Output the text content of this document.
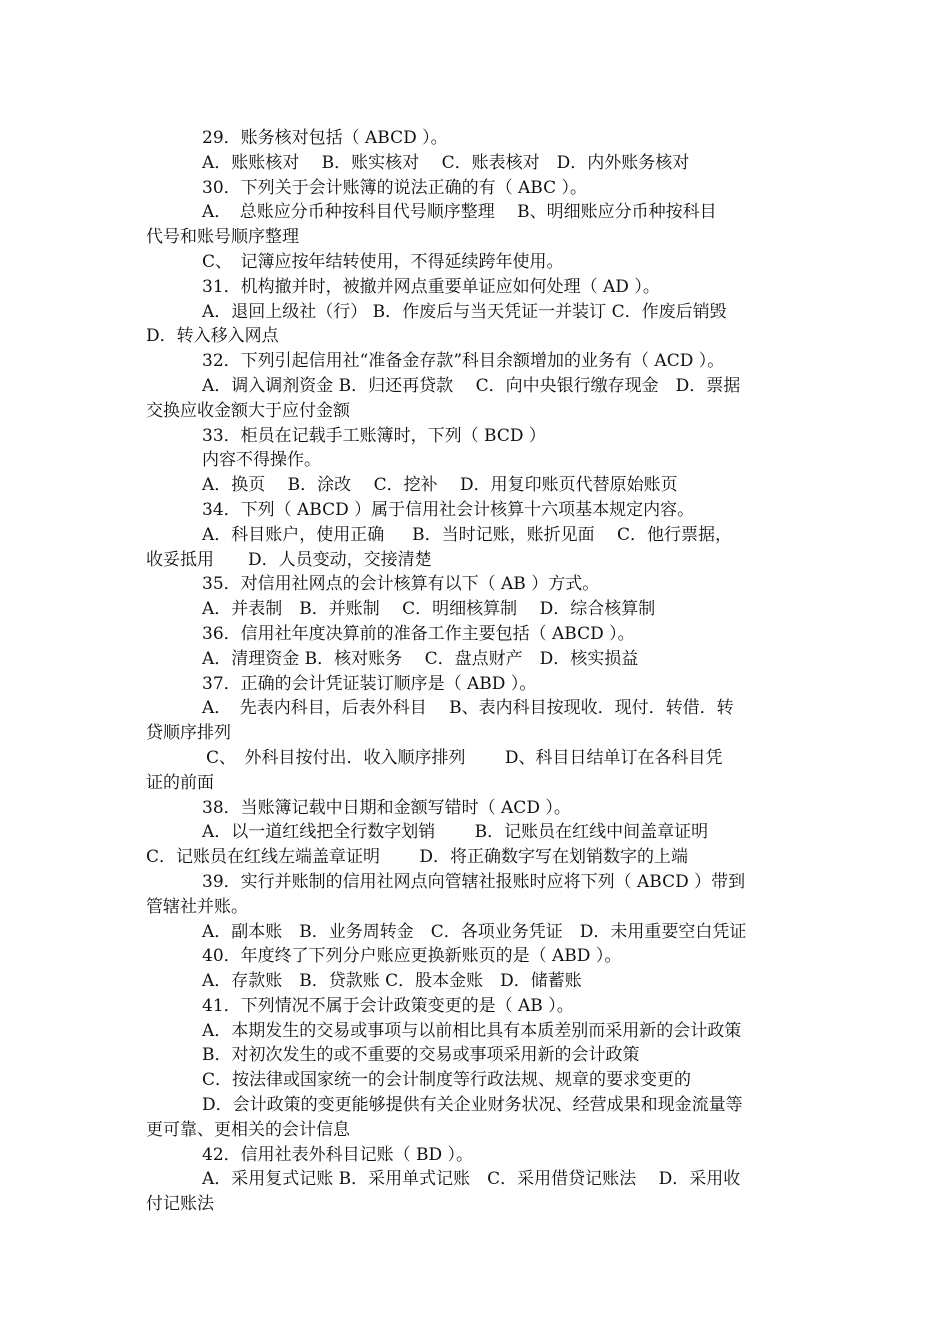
29．账务核对包括（ ABCD ）。
A．账账核对　 B．账实核对 　C．账表核对　D．内外账务核对
30．下列关于会计账簿的说法正确的有（ ABC ）。
A．　总账应分币种按科目代号顺序整理　 B、明细账应分币种按科目
代号和账号顺序整理
C、　记簿应按年结转使用，不得延续跨年使用。
31．机构撤并时，被撤并网点重要单证应如何处理（ AD ）。
A．退回上级社（行） B．作废后与当天凭证一并装订 C．作废后销毁
D．转入移入网点
32．下列引起信用社“准备金存款”科目余额增加的业务有（ ACD ）。
A．调入调剂资金 B．归还再贷款　 C．向中央银行缴存现金　D．票据
交换应收金额大于应付金额
33．柜员在记载手工账簿时，下列（ BCD ）
内容不得操作。
A．换页　 B．涂改　 C．挖补　 D．用复印账页代替原始账页
34．下列（ ABCD ）属于信用社会计核算十六项基本规定内容。
A．科目账户，使用正确 　 B．当时记账，账折见面　 C．他行票据，
收妥抵用　　D．人员变动，交接清楚
35．对信用社网点的会计核算有以下（ AB ）方式。
A．并表制　B．并账制 　C．明细核算制 　D．综合核算制
36．信用社年度决算前的准备工作主要包括（ ABCD ）。
A．清理资金 B．核对账务 　C．盘点财产　D．核实损益
37．正确的会计凭证装订顺序是（ ABD ）。
A．　先表内科目，后表外科目　 B、表内科目按现收．现付．转借．转
贷顺序排列
C、　外科目按付出．收入顺序排列　 　D、科目日结单订在各科目凭
证的前面
38．当账簿记载中日期和金额写错时（ ACD ）。
A．以一道红线把全行数字划销　 　B．记账员在红线中间盖章证明
C．记账员在红线左端盖章证明　 　D．将正确数字写在划销数字的上端
39．实行并账制的信用社网点向管辖社报账时应将下列（ ABCD ）带到
管辖社并账。
A．副本账　B．业务周转金　C．各项业务凭证　D．未用重要空白凭证
40．年度终了下列分户账应更换新账页的是（ ABD ）。
A．存款账　B．贷款账 C．股本金账　D．储蓄账
41．下列情况不属于会计政策变更的是（ AB ）。
A．本期发生的交易或事项与以前相比具有本质差别而采用新的会计政策
B．对初次发生的或不重要的交易或事项采用新的会计政策
C．按法律或国家统一的会计制度等行政法规、规章的要求变更的
D．会计政策的变更能够提供有关企业财务状况、经营成果和现金流量等
更可靠、更相关的会计信息
42．信用社表外科目记账（ BD ）。
A．采用复式记账 B．采用单式记账　C．采用借贷记账法 　D．采用收
付记账法
